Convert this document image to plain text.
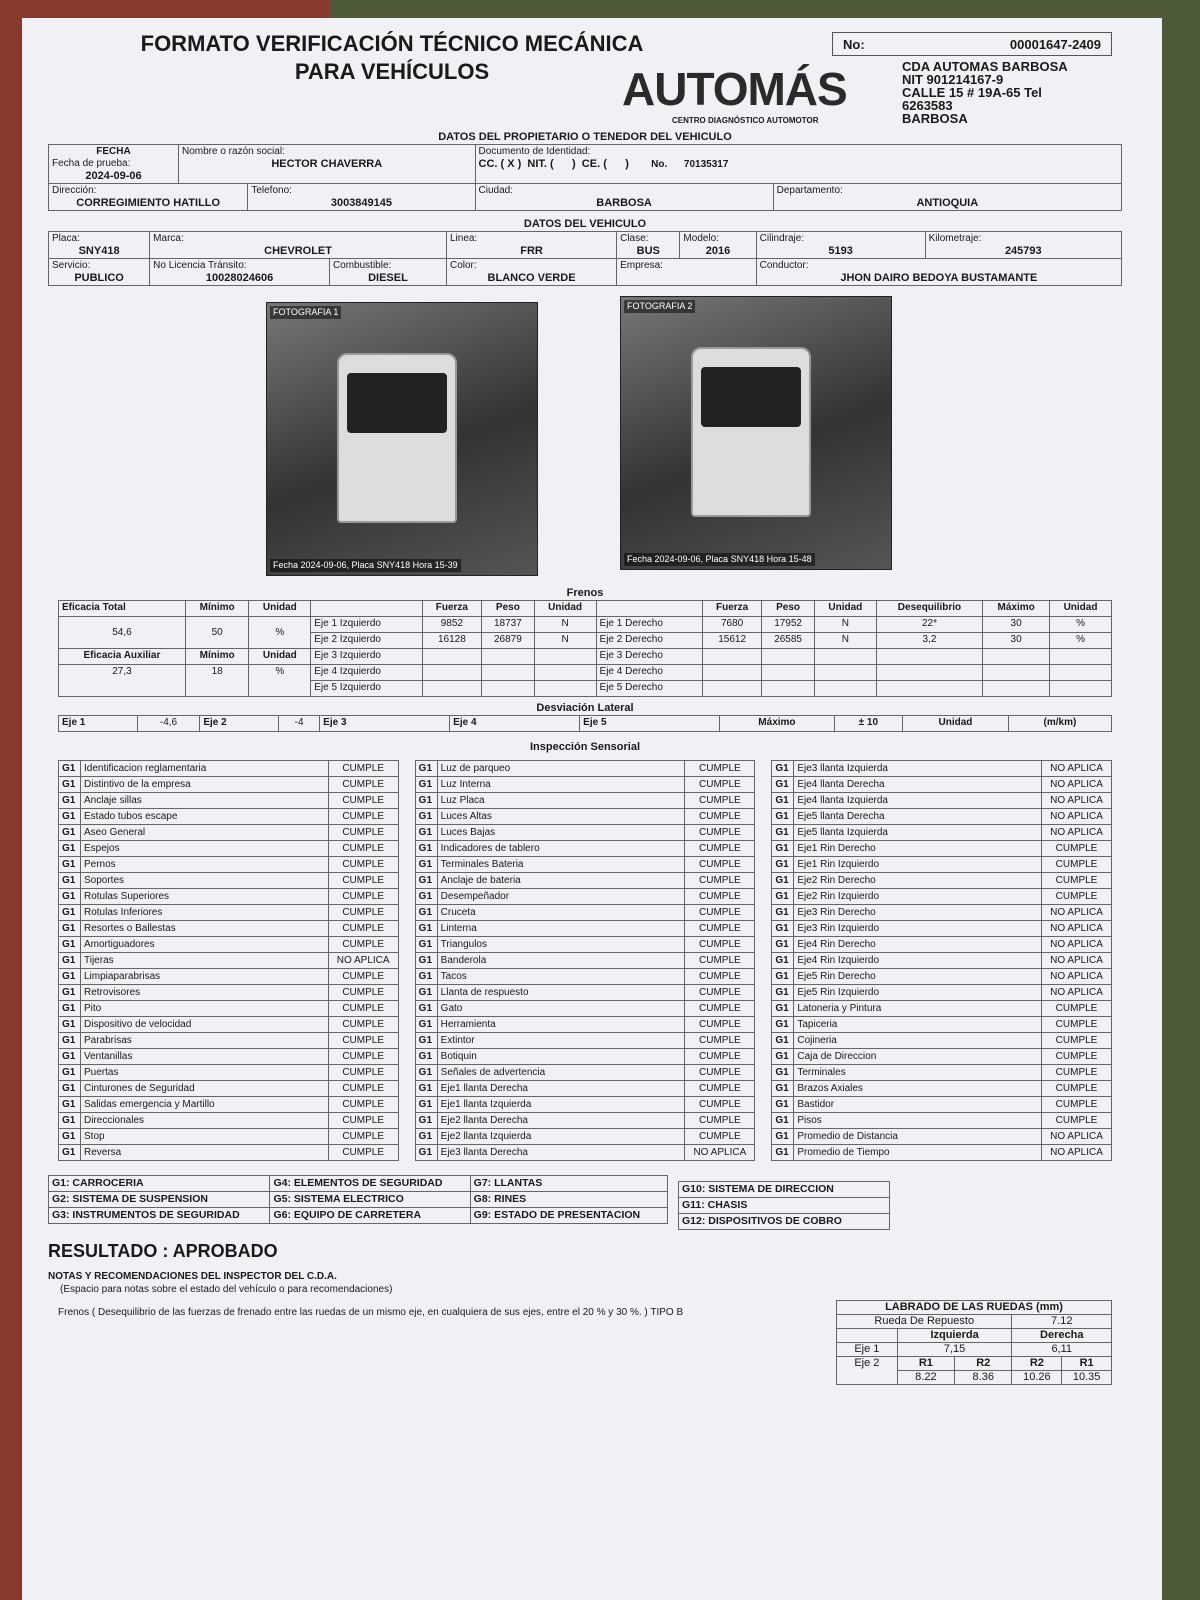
FORMATO VERIFICACIÓN TÉCNICO MECÁNICA
PARA VEHÍCULOS
No:	00001647-2409
AUTOMÁS
CENTRO DIAGNÓSTICO AUTOMOTOR
CDA AUTOMAS BARBOSA
NIT 901214167-9
CALLE 15 # 19A-65 Tel
6263583
BARBOSA
DATOS DEL PROPIETARIO O TENEDOR DEL VEHICULO
FECHA
Fecha de prueba:
2024-09-06	Nombre o razón social:
HECTOR CHAVERRA		Documento de Identidad:
CC. ( X )  NIT. (      )  CE. (      ) No. 70135317	

Dirección:
CORREGIMIENTO HATILLO		Telefono:
3003849145	Ciudad:
BARBOSA	Departamento:
ANTIOQUIA
DATOS DEL VEHICULO
Placa:
SNY418	Marca:
CHEVROLET		Linea:
FRR	Clase:
BUS	Modelo:
2016	Cilindraje:
5193	Kilometraje:
245793

Servicio:
PUBLICO	No Licencia Tránsito:
10028024606	Combustible:
DIESEL	Color:
BLANCO VERDE	Empresa:		Conductor:
JHON DAIRO BEDOYA BUSTAMANTE	
FOTOGRAFIA 1
Fecha 2024-09-06, Placa SNY418 Hora 15-39
FOTOGRAFIA 2
Fecha 2024-09-06, Placa SNY418 Hora 15-48
Frenos
Eficacia Total	Mínimo	Unidad		Fuerza	Peso	Unidad		Fuerza	Peso	Unidad	Desequilibrio	Máximo	Unidad
54,6	50	%	Eje 1 Izquierdo	9852	18737	N	Eje 1 Derecho	7680	17952	N	22*	30	%
			Eje 2 Izquierdo	16128	26879	N	Eje 2 Derecho	15612	26585	N	3,2	30	%
Eficacia Auxiliar	Mínimo	Unidad	Eje 3 Izquierdo				Eje 3 Derecho						
27,3	18	%	Eje 4 Izquierdo				Eje 4 Derecho						
			Eje 5 Izquierdo				Eje 5 Derecho						
Desviación Lateral
Eje 1	-4,6	Eje 2	-4	Eje 3	Eje 4	Eje 5	Máximo	± 10	Unidad	(m/km)
Inspección Sensorial
G1	Identificacion reglamentaria	CUMPLE
G1	Distintivo de la empresa	CUMPLE
G1	Anclaje sillas	CUMPLE
G1	Estado tubos escape	CUMPLE
G1	Aseo General	CUMPLE
G1	Espejos	CUMPLE
G1	Pernos	CUMPLE
G1	Soportes	CUMPLE
G1	Rotulas Superiores	CUMPLE
G1	Rotulas Inferiores	CUMPLE
G1	Resortes o Ballestas	CUMPLE
G1	Amortiguadores	CUMPLE
G1	Tijeras	NO APLICA
G1	Limpiaparabrisas	CUMPLE
G1	Retrovisores	CUMPLE
G1	Pito	CUMPLE
G1	Dispositivo de velocidad	CUMPLE
G1	Parabrisas	CUMPLE
G1	Ventanillas	CUMPLE
G1	Puertas	CUMPLE
G1	Cinturones de Seguridad	CUMPLE
G1	Salidas emergencia y Martillo	CUMPLE
G1	Direccionales	CUMPLE
G1	Stop	CUMPLE
G1	Reversa	CUMPLE
G1	Luz de parqueo	CUMPLE
G1	Luz Interna	CUMPLE
G1	Luz Placa	CUMPLE
G1	Luces Altas	CUMPLE
G1	Luces Bajas	CUMPLE
G1	Indicadores de tablero	CUMPLE
G1	Terminales Bateria	CUMPLE
G1	Anclaje de bateria	CUMPLE
G1	Desempeñador	CUMPLE
G1	Cruceta	CUMPLE
G1	Linterna	CUMPLE
G1	Triangulos	CUMPLE
G1	Banderola	CUMPLE
G1	Tacos	CUMPLE
G1	Llanta de respuesto	CUMPLE
G1	Gato	CUMPLE
G1	Herramienta	CUMPLE
G1	Extintor	CUMPLE
G1	Botiquin	CUMPLE
G1	Señales de advertencia	CUMPLE
G1	Eje1 llanta Derecha	CUMPLE
G1	Eje1 llanta Izquierda	CUMPLE
G1	Eje2 llanta Derecha	CUMPLE
G1	Eje2 llanta Izquierda	CUMPLE
G1	Eje3 llanta Derecha	NO APLICA
G1	Eje3 llanta Izquierda	NO APLICA
G1	Eje4 llanta Derecha	NO APLICA
G1	Eje4 llanta Izquierda	NO APLICA
G1	Eje5 llanta Derecha	NO APLICA
G1	Eje5 llanta Izquierda	NO APLICA
G1	Eje1 Rin Derecho	CUMPLE
G1	Eje1 Rin Izquierdo	CUMPLE
G1	Eje2 Rin Derecho	CUMPLE
G1	Eje2 Rin Izquierdo	CUMPLE
G1	Eje3 Rin Derecho	NO APLICA
G1	Eje3 Rin Izquierdo	NO APLICA
G1	Eje4 Rin Derecho	NO APLICA
G1	Eje4 Rin Izquierdo	NO APLICA
G1	Eje5 Rin Derecho	NO APLICA
G1	Eje5 Rin Izquierdo	NO APLICA
G1	Latoneria y Pintura	CUMPLE
G1	Tapiceria	CUMPLE
G1	Cojineria	CUMPLE
G1	Caja de Direccion	CUMPLE
G1	Terminales	CUMPLE
G1	Brazos Axiales	CUMPLE
G1	Bastidor	CUMPLE
G1	Pisos	CUMPLE
G1	Promedio de Distancia	NO APLICA
G1	Promedio de Tiempo	NO APLICA
G1: CARROCERIA	G4: ELEMENTOS DE SEGURIDAD	G7: LLANTAS
G2: SISTEMA DE SUSPENSION	G5: SISTEMA ELECTRICO	G8: RINES
G3: INSTRUMENTOS DE SEGURIDAD	G6: EQUIPO DE CARRETERA	G9: ESTADO DE PRESENTACION
G10: SISTEMA DE DIRECCION
G11: CHASIS
G12: DISPOSITIVOS DE COBRO
RESULTADO : APROBADO
NOTAS Y RECOMENDACIONES DEL INSPECTOR DEL C.D.A.
(Espacio para notas sobre el estado del vehículo o para recomendaciones)
Frenos ( Desequilibrio de las fuerzas de frenado entre las ruedas de un mismo eje, en cualquiera de sus ejes, entre el 20 % y 30 %. ) TIPO B	LABRADO DE LAS RUEDAS (mm)				
Rueda De Repuesto			7.12	
	Izquierda		Derecha	
Eje 1	7,15		6,11	
Eje 2	R1	R2	R2	R1
	8.22	8.36	10.26	10.35
